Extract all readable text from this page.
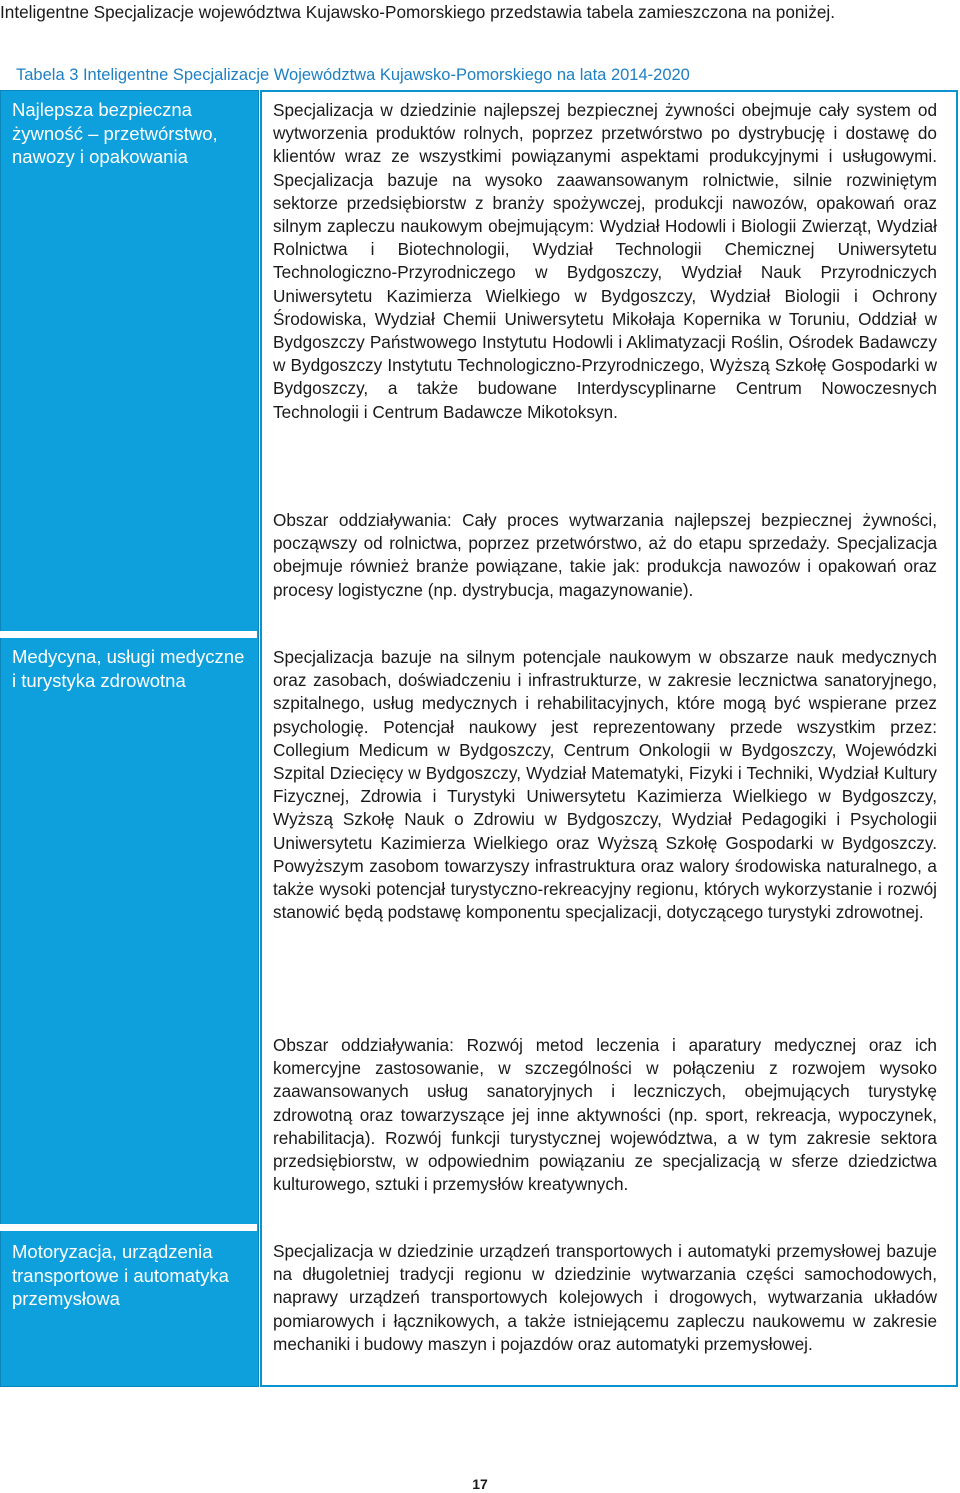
Inteligentne Specjalizacje województwa Kujawsko-Pomorskiego przedstawia tabela zamieszczona na poniżej.

Tabela 3 Inteligentne Specjalizacje Województwa Kujawsko-Pomorskiego na lata 2014-2020

Najlepsza bezpieczna żywność – przetwórstwo, nawozy i opakowania
Medycyna, usługi medyczne i turystyka zdrowotna
Motoryzacja, urządzenia transportowe i automatyka przemysłowa

Specjalizacja w dziedzinie najlepszej bezpiecznej żywności obejmuje cały system od wytworzenia produktów rolnych, poprzez przetwórstwo po dystrybucję i dostawę do klientów wraz ze wszystkimi powiązanymi aspektami produkcyjnymi i usługowymi. Specjalizacja bazuje na wysoko zaawansowanym rolnictwie, silnie rozwiniętym sektorze przedsiębiorstw z branży spożywczej, produkcji nawozów, opakowań oraz silnym zapleczu naukowym obejmującym: Wydział Hodowli i Biologii Zwierząt, Wydział Rolnictwa i Biotechnologii, Wydział Technologii Chemicznej Uniwersytetu Technologiczno-Przyrodniczego w Bydgoszczy, Wydział Nauk Przyrodniczych Uniwersytetu Kazimierza Wielkiego w Bydgoszczy, Wydział Biologii i Ochrony Środowiska, Wydział Chemii Uniwersytetu Mikołaja Kopernika w Toruniu, Oddział w Bydgoszczy Państwowego Instytutu Hodowli i Aklimatyzacji Roślin, Ośrodek Badawczy w Bydgoszczy Instytutu Technologiczno-Przyrodniczego, Wyższą Szkołę Gospodarki w Bydgoszczy, a także budowane Interdyscyplinarne Centrum Nowoczesnych Technologii i Centrum Badawcze Mikotoksyn.

Obszar oddziaływania: Cały proces wytwarzania najlepszej bezpiecznej żywności, począwszy od rolnictwa, poprzez przetwórstwo, aż do etapu sprzedaży. Specjalizacja obejmuje również branże powiązane, takie jak: produkcja nawozów i opakowań oraz procesy logistyczne (np. dystrybucja, magazynowanie).

Specjalizacja bazuje na silnym potencjale naukowym w obszarze nauk medycznych oraz zasobach, doświadczeniu i infrastrukturze, w zakresie lecznictwa sanatoryjnego, szpitalnego, usług medycznych i rehabilitacyjnych, które mogą być wspierane przez psychologię. Potencjał naukowy jest reprezentowany przede wszystkim przez: Collegium Medicum w Bydgoszczy, Centrum Onkologii w Bydgoszczy, Wojewódzki Szpital Dziecięcy w Bydgoszczy, Wydział Matematyki, Fizyki i Techniki, Wydział Kultury Fizycznej, Zdrowia i Turystyki Uniwersytetu Kazimierza Wielkiego w Bydgoszczy, Wyższą Szkołę Nauk o Zdrowiu w Bydgoszczy, Wydział Pedagogiki i Psychologii Uniwersytetu Kazimierza Wielkiego oraz Wyższą Szkołę Gospodarki w Bydgoszczy. Powyższym zasobom towarzyszy infrastruktura oraz walory środowiska naturalnego, a także wysoki potencjał turystyczno-rekreacyjny regionu, których wykorzystanie i rozwój stanowić będą podstawę komponentu specjalizacji, dotyczącego turystyki zdrowotnej.

Obszar oddziaływania: Rozwój metod leczenia i aparatury medycznej oraz ich komercyjne zastosowanie, w szczególności w połączeniu z rozwojem wysoko zaawansowanych usług sanatoryjnych i leczniczych, obejmujących turystykę zdrowotną oraz towarzyszące jej inne aktywności (np. sport, rekreacja, wypoczynek, rehabilitacja). Rozwój funkcji turystycznej województwa, a w tym zakresie sektora przedsiębiorstw, w odpowiednim powiązaniu ze specjalizacją w sferze dziedzictwa kulturowego, sztuki i przemysłów kreatywnych.

Specjalizacja w dziedzinie urządzeń transportowych i automatyki przemysłowej bazuje na długoletniej tradycji regionu w dziedzinie wytwarzania części samochodowych, naprawy urządzeń transportowych kolejowych i drogowych, wytwarzania układów pomiarowych i łącznikowych, a także istniejącemu zapleczu naukowemu w zakresie mechaniki i budowy maszyn i pojazdów oraz automatyki przemysłowej.

17
